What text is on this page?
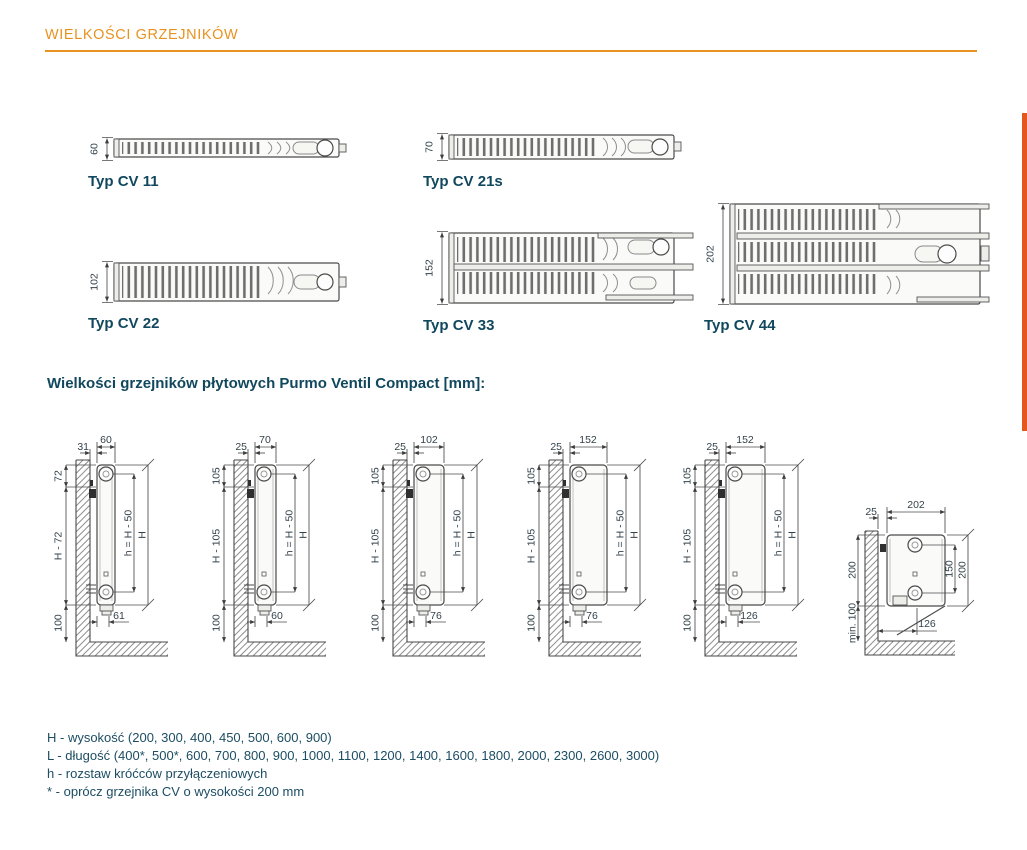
WIELKOŚCI GRZEJNIKÓW
60
Typ CV 11
70
Typ CV 21s
102
Typ CV 22
152
Typ CV 33
202
Typ CV 44
Wielkości grzejników płytowych Purmo Ventil Compact [mm]:
60
31
72
H - 72
100
h = H - 50 H
61
70
25
105
H - 105
100
h = H - 50 H
60
102
25
105
H - 105
100
h = H - 50 H
76
152
25
105
H - 105
100
h = H - 50 H
76
152
25
105
H - 105
100
h = H - 50 H
126
202
25
200
min. 100
150 200
126

H - wysokość (200, 300, 400, 450, 500, 600, 900)

L - długość (400*, 500*, 600, 700, 800, 900, 1000, 1100, 1200, 1400, 1600, 1800, 2000, 2300, 2600, 3000)

h - rozstaw króćców przyłączeniowych

* - oprócz grzejnika CV o wysokości 200 mm
